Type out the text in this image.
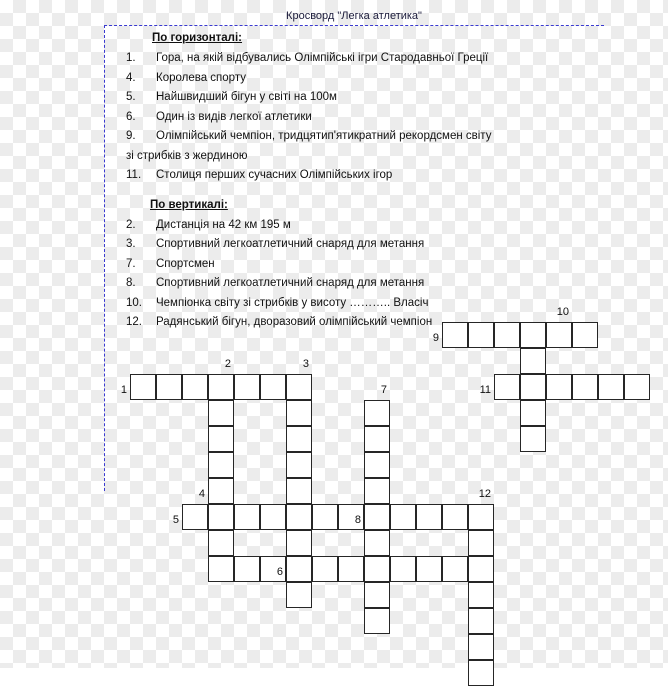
Кросворд "Легка атлетика"
По горизонталі:
1.	Гора, на якій відбувались Олімпійські ігри Стародавньої Греції
4.	Королева спорту
5.	Найшвидший бігун у світі на 100м
6.	Один із видів легкої атлетики
9.	Олімпійський чемпіон, тридцятип'ятикратний рекордсмен світу
зі стрибків з жердиною
11.	Столиця перших сучасних Олімпійських ігор
По вертикалі:
2.	Дистанція на 42 км 195 м
3.	Спортивний легкоатлетичний снаряд для метання
7.	Спортсмен
8.	Спортивний легкоатлетичний снаряд для метання
10.	Чемпіонка світу зі стрибків у висоту ……….. Власіч
12.	Радянський бігун, дворазовий олімпійський чемпіон
10
9
2
1
3
11
7
4	12
5	8
6
